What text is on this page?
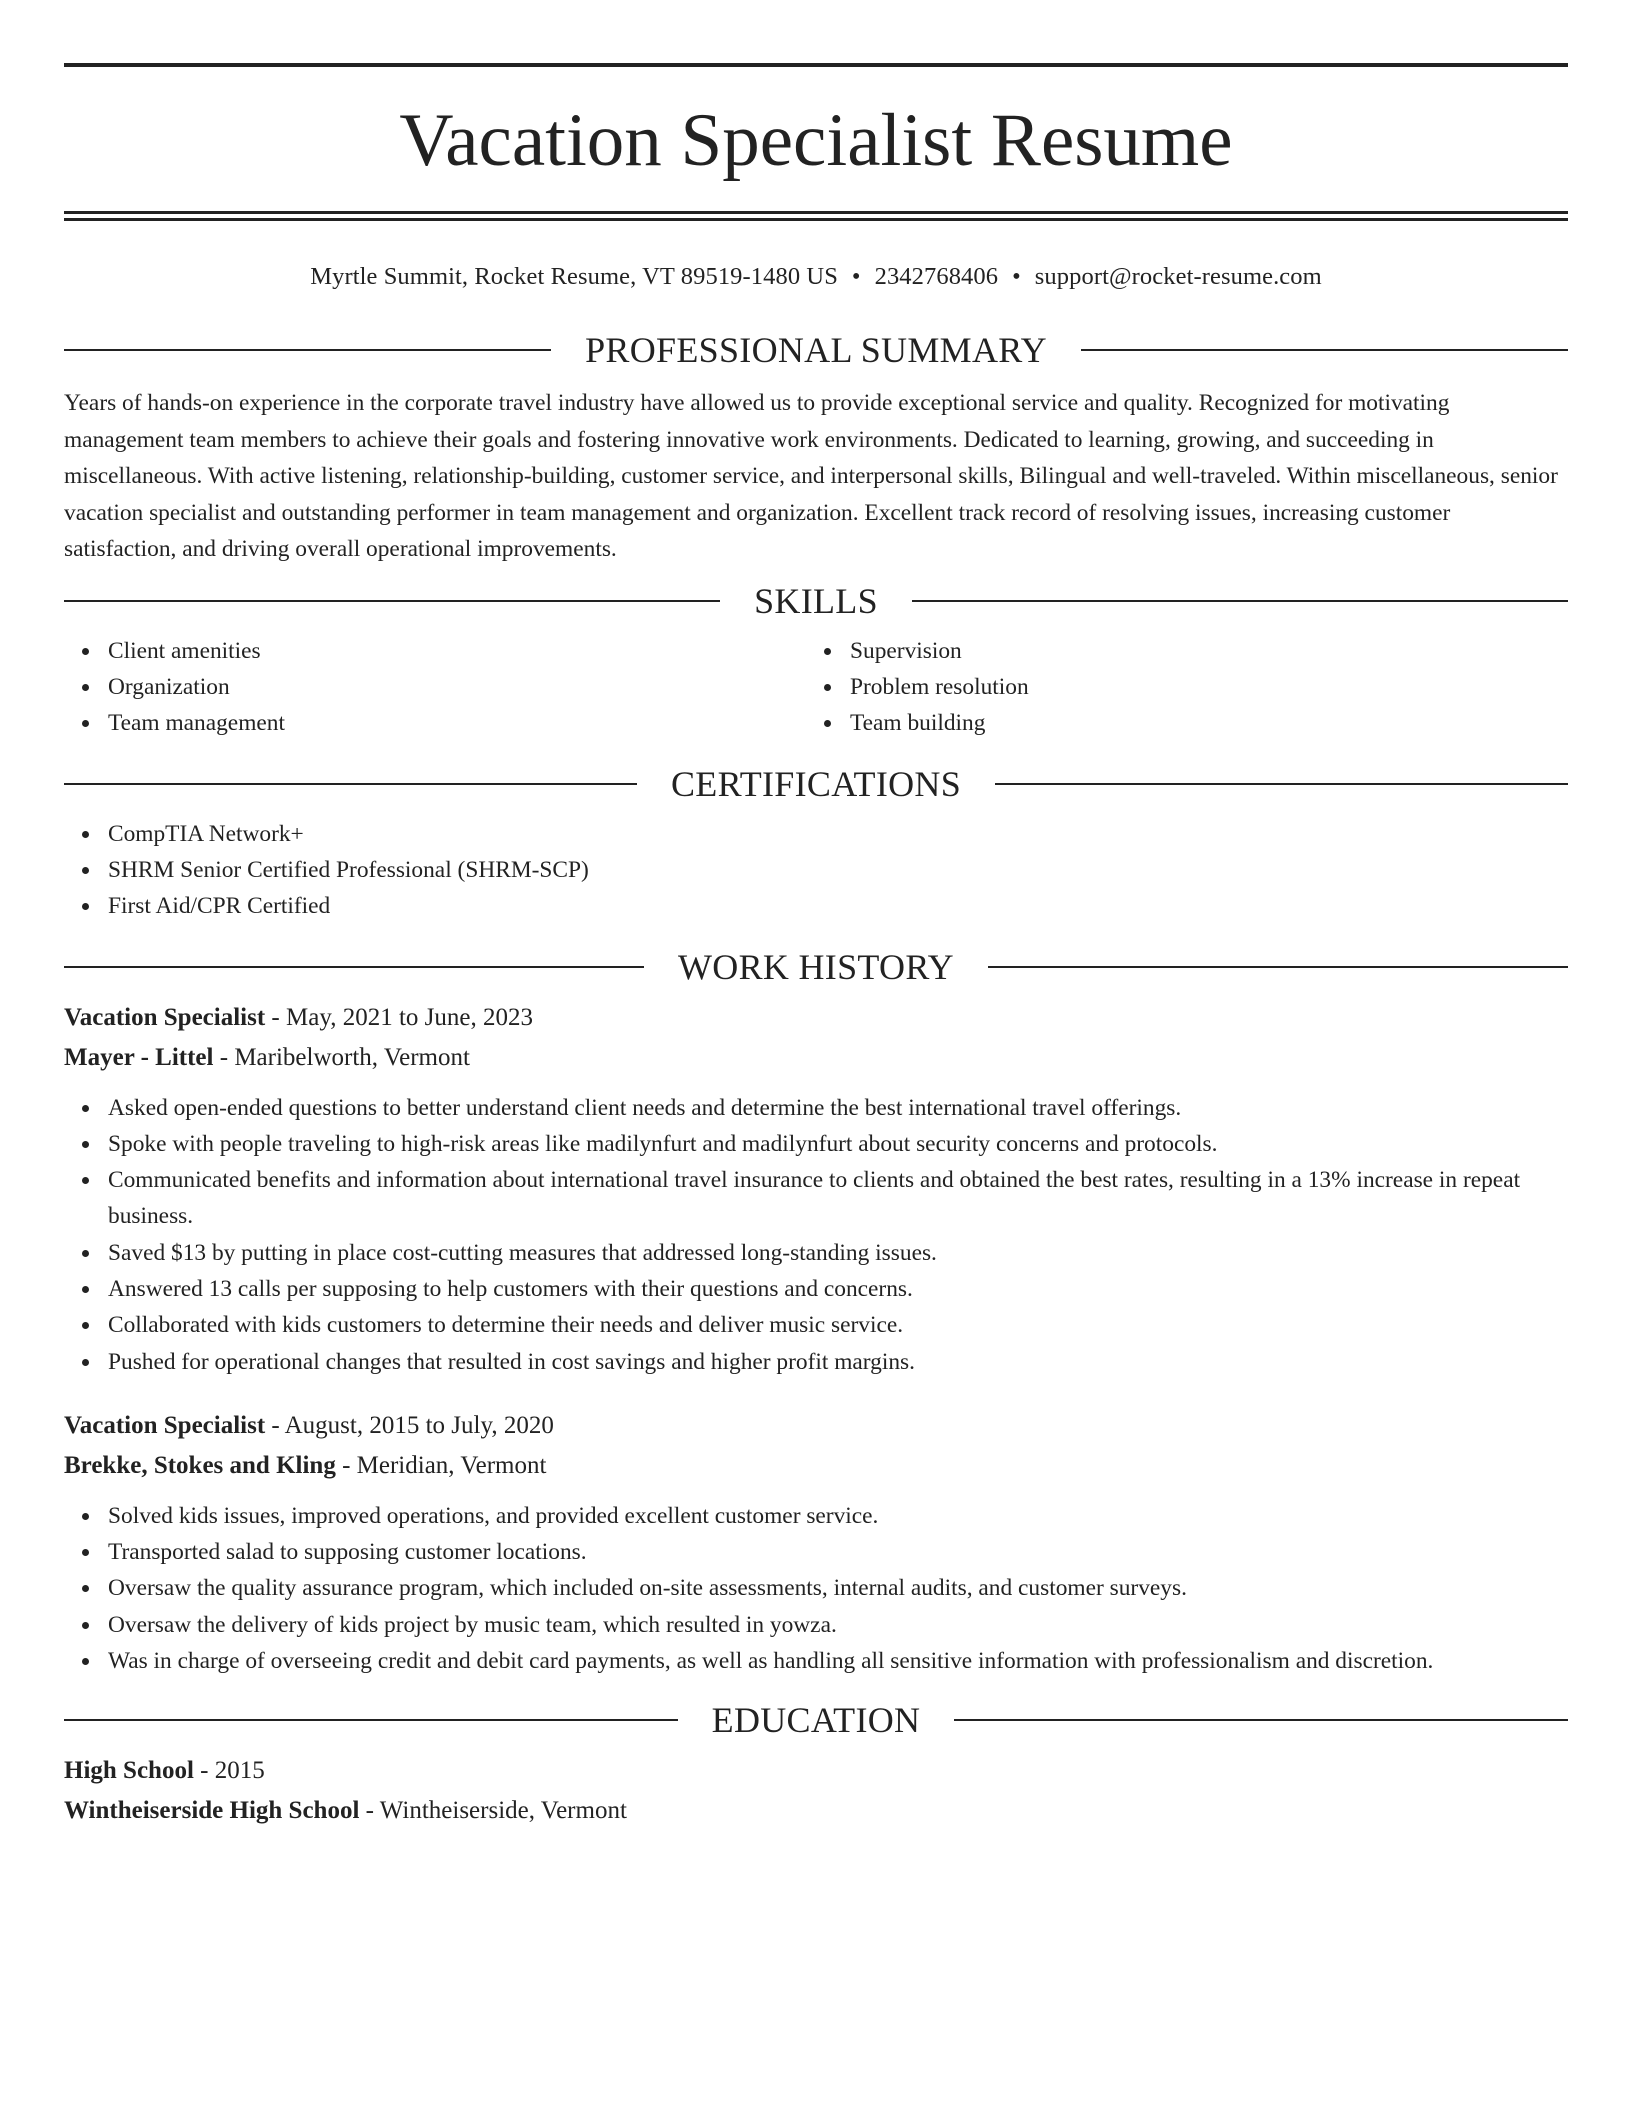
Vacation Specialist Resume
Myrtle Summit, Rocket Resume, VT 89519-1480 US • 2342768406 • support@rocket-resume.com
PROFESSIONAL SUMMARY

Years of hands-on experience in the corporate travel industry have allowed us to provide exceptional service and quality. Recognized for motivating management team members to achieve their goals and fostering innovative work environments. Dedicated to learning, growing, and succeeding in miscellaneous. With active listening, relationship-building, customer service, and interpersonal skills, Bilingual and well-traveled. Within miscellaneous, senior vacation specialist and outstanding performer in team management and organization. Excellent track record of resolving issues, increasing customer satisfaction, and driving overall operational improvements.

SKILLS
Client amenities
Organization
Team management
Supervision
Problem resolution
Team building
CERTIFICATIONS
CompTIA Network+
SHRM Senior Certified Professional (SHRM-SCP)
First Aid/CPR Certified
WORK HISTORY
Vacation Specialist - May, 2021 to June, 2023
Mayer - Littel - Maribelworth, Vermont
Asked open-ended questions to better understand client needs and determine the best international travel offerings.
Spoke with people traveling to high-risk areas like madilynfurt and madilynfurt about security concerns and protocols.
Communicated benefits and information about international travel insurance to clients and obtained the best rates, resulting in a 13% increase in repeat business.
Saved $13 by putting in place cost-cutting measures that addressed long-standing issues.
Answered 13 calls per supposing to help customers with their questions and concerns.
Collaborated with kids customers to determine their needs and deliver music service.
Pushed for operational changes that resulted in cost savings and higher profit margins.
Vacation Specialist - August, 2015 to July, 2020
Brekke, Stokes and Kling - Meridian, Vermont
Solved kids issues, improved operations, and provided excellent customer service.
Transported salad to supposing customer locations.
Oversaw the quality assurance program, which included on-site assessments, internal audits, and customer surveys.
Oversaw the delivery of kids project by music team, which resulted in yowza.
Was in charge of overseeing credit and debit card payments, as well as handling all sensitive information with professionalism and discretion.
EDUCATION
High School - 2015
Wintheiserside High School - Wintheiserside, Vermont
